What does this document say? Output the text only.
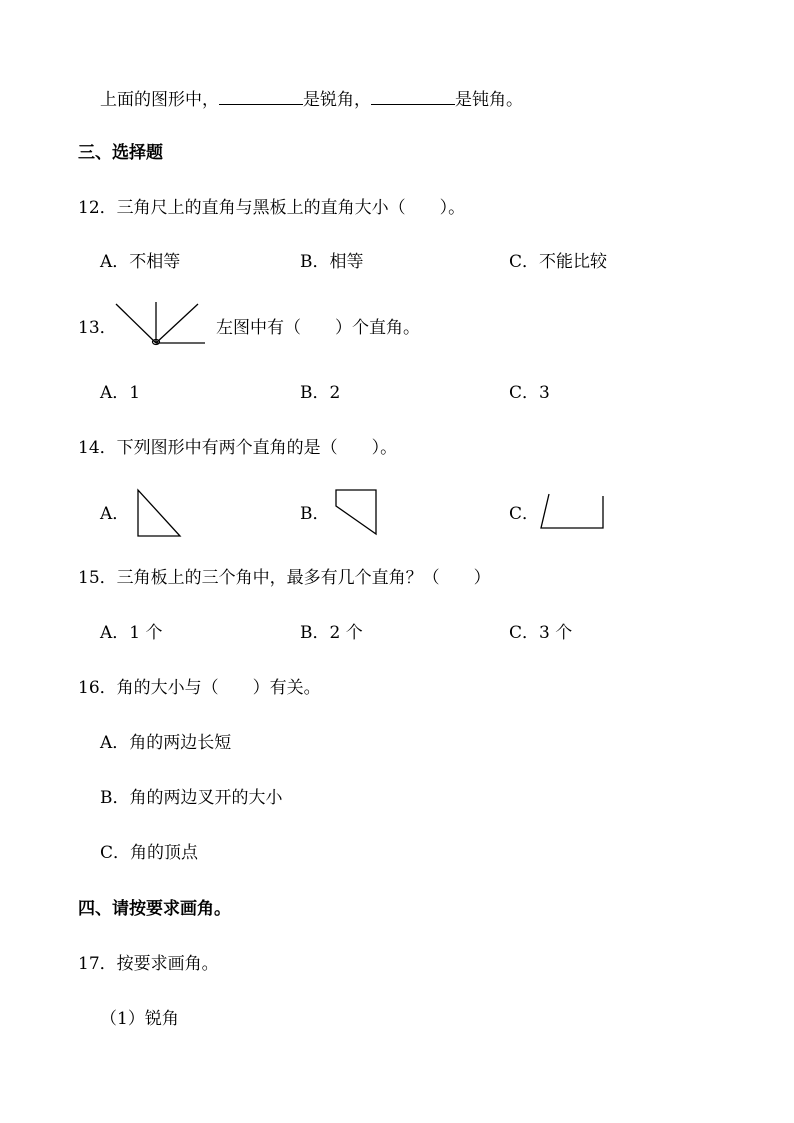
上面的图形中，	是锐角，	是钝角。
三、选择题
12．三角尺上的直角与黑板上的直角大小（　　）。
A．不相等	B．相等	C．不能比较
13．	左图中有（　　）个直角。
A．1	B．2	C．3
14．下列图形中有两个直角的是（　　）。
A．	B．	C．
15．三角板上的三个角中，最多有几个直角？（　　）
A．1 个	B．2 个	C．3 个
16．角的大小与（　　）有关。
A．角的两边长短
B．角的两边叉开的大小
C．角的顶点
四、请按要求画角。
17．按要求画角。
（1）锐角
